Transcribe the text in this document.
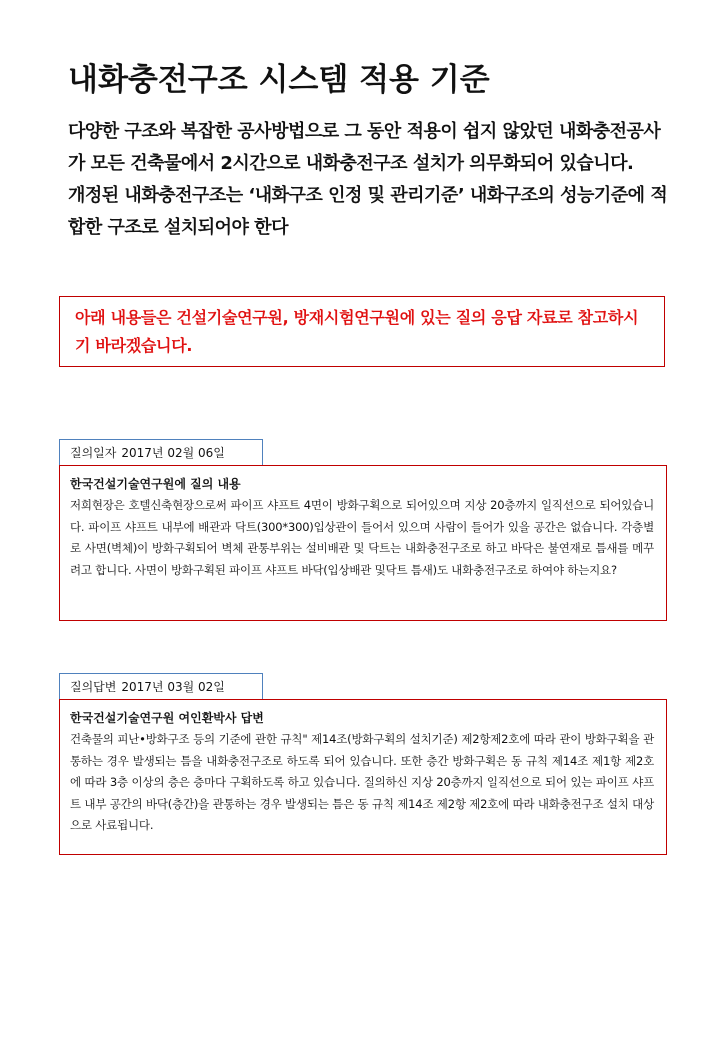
내화충전구조 시스템 적용 기준

다양한 구조와 복잡한 공사방법으로 그 동안 적용이 쉽지 않았던 내화충전공사가 모든 건축물에서 2시간으로 내화충전구조 설치가 의무화되어 있습니다.

개정된 내화충전구조는 ‘내화구조 인정 및 관리기준’ 내화구조의 성능기준에 적합한 구조로 설치되어야 한다

아래 내용들은 건설기술연구원, 방재시험연구원에 있는 질의 응답 자료로 참고하시기 바라겠습니다.
질의일자 2017년 02월 06일
한국건설기술연구원에 질의 내용

저희현장은 호텔신축현장으로써 파이프 샤프트 4면이 방화구획으로 되어있으며 지상 20층까지 일직선으로 되어있습니다. 파이프 샤프트 내부에 배관과 닥트(300*300)입상관이 들어서 있으며 사람이 들어가 있을 공간은 없습니다. 각층별로 사면(벽체)이 방화구획되어 벽체 관통부위는 설비배관 및 닥트는 내화충전구조로 하고 바닥은 불연재로 틈새를 메꾸려고 합니다. 사면이 방화구획된 파이프 샤프트 바닥(입상배관 및닥트 틈새)도 내화충전구조로 하여야 하는지요?

질의답변 2017년 03월 02일
한국건설기술연구원 여인환박사 답변

건축물의 피난•방화구조 등의 기준에 관한 규칙" 제14조(방화구획의 설치기준) 제2항제2호에 따라 관이 방화구획을 관통하는 경우 발생되는 틈을 내화충전구조로 하도록 되어 있습니다. 또한 층간 방화구획은 동 규칙 제14조 제1항 제2호에 따라 3층 이상의 층은 층마다 구획하도록 하고 있습니다. 질의하신 지상 20층까지 일직선으로 되어 있는 파이프 샤프트 내부 공간의 바닥(층간)을 관통하는 경우 발생되는 틈은 동 규칙 제14조 제2항 제2호에 따라 내화충전구조 설치 대상으로 사료됩니다.
